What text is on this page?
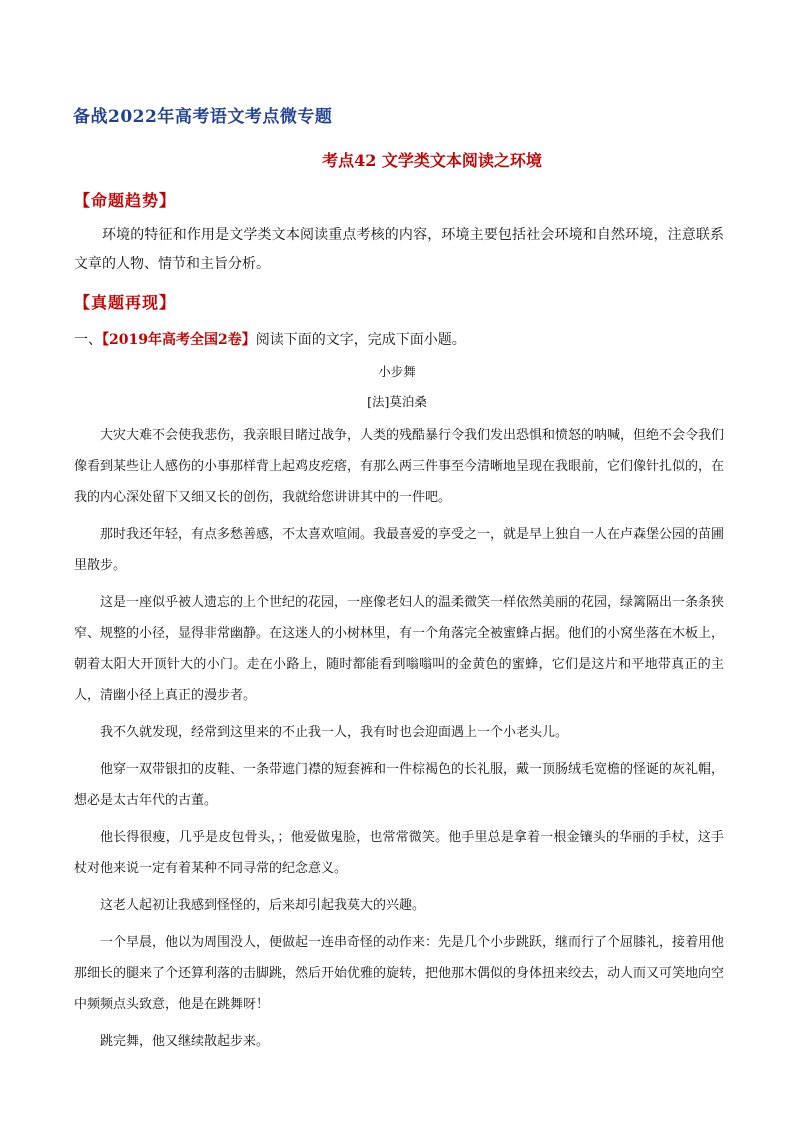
备战2022年高考语文考点微专题
考点42 文学类文本阅读之环境
【命题趋势】
环境的特征和作用是文学类文本阅读重点考核的内容，环境主要包括社会环境和自然环境，注意联系文章的人物、情节和主旨分析。
【真题再现】
一、【2019年高考全国2卷】阅读下面的文字，完成下面小题。
小步舞
[法]莫泊桑

大灾大难不会使我悲伤，我亲眼目睹过战争，人类的残酷暴行令我们发出恐惧和愤怒的呐喊，但绝不会令我们像看到某些让人感伤的小事那样背上起鸡皮疙瘩，有那么两三件事至今清晰地呈现在我眼前，它们像针扎似的，在我的内心深处留下又细又长的创伤，我就给您讲讲其中的一件吧。

那时我还年轻，有点多愁善感，不太喜欢喧闹。我最喜爱的享受之一，就是早上独自一人在卢森堡公园的苗圃里散步。

这是一座似乎被人遗忘的上个世纪的花园，一座像老妇人的温柔微笑一样依然美丽的花园，绿篱隔出一条条狭窄、规整的小径，显得非常幽静。在这迷人的小树林里，有一个角落完全被蜜蜂占据。他们的小窝坐落在木板上，朝着太阳大开顶针大的小门。走在小路上，随时都能看到嗡嗡叫的金黄色的蜜蜂，它们是这片和平地带真正的主人，清幽小径上真正的漫步者。

我不久就发现，经常到这里来的不止我一人，我有时也会迎面遇上一个小老头儿。

他穿一双带银扣的皮鞋、一条带遮门襟的短套裤和一件棕褐色的长礼服，戴一顶肠绒毛宽檐的怪诞的灰礼帽，想必是太古年代的古董。

他长得很瘦，几乎是皮包骨头，；他爱做鬼脸，也常常微笑。他手里总是拿着一根金镶头的华丽的手杖，这手杖对他来说一定有着某种不同寻常的纪念意义。

这老人起初让我感到怪怪的，后来却引起我莫大的兴趣。

一个早晨，他以为周围没人，便做起一连串奇怪的动作来：先是几个小步跳跃，继而行了个屈膝礼，接着用他那细长的腿来了个还算利落的击脚跳，然后开始优雅的旋转，把他那木偶似的身体扭来绞去，动人而又可笑地向空中频频点头致意，他是在跳舞呀！

跳完舞，他又继续散起步来。
